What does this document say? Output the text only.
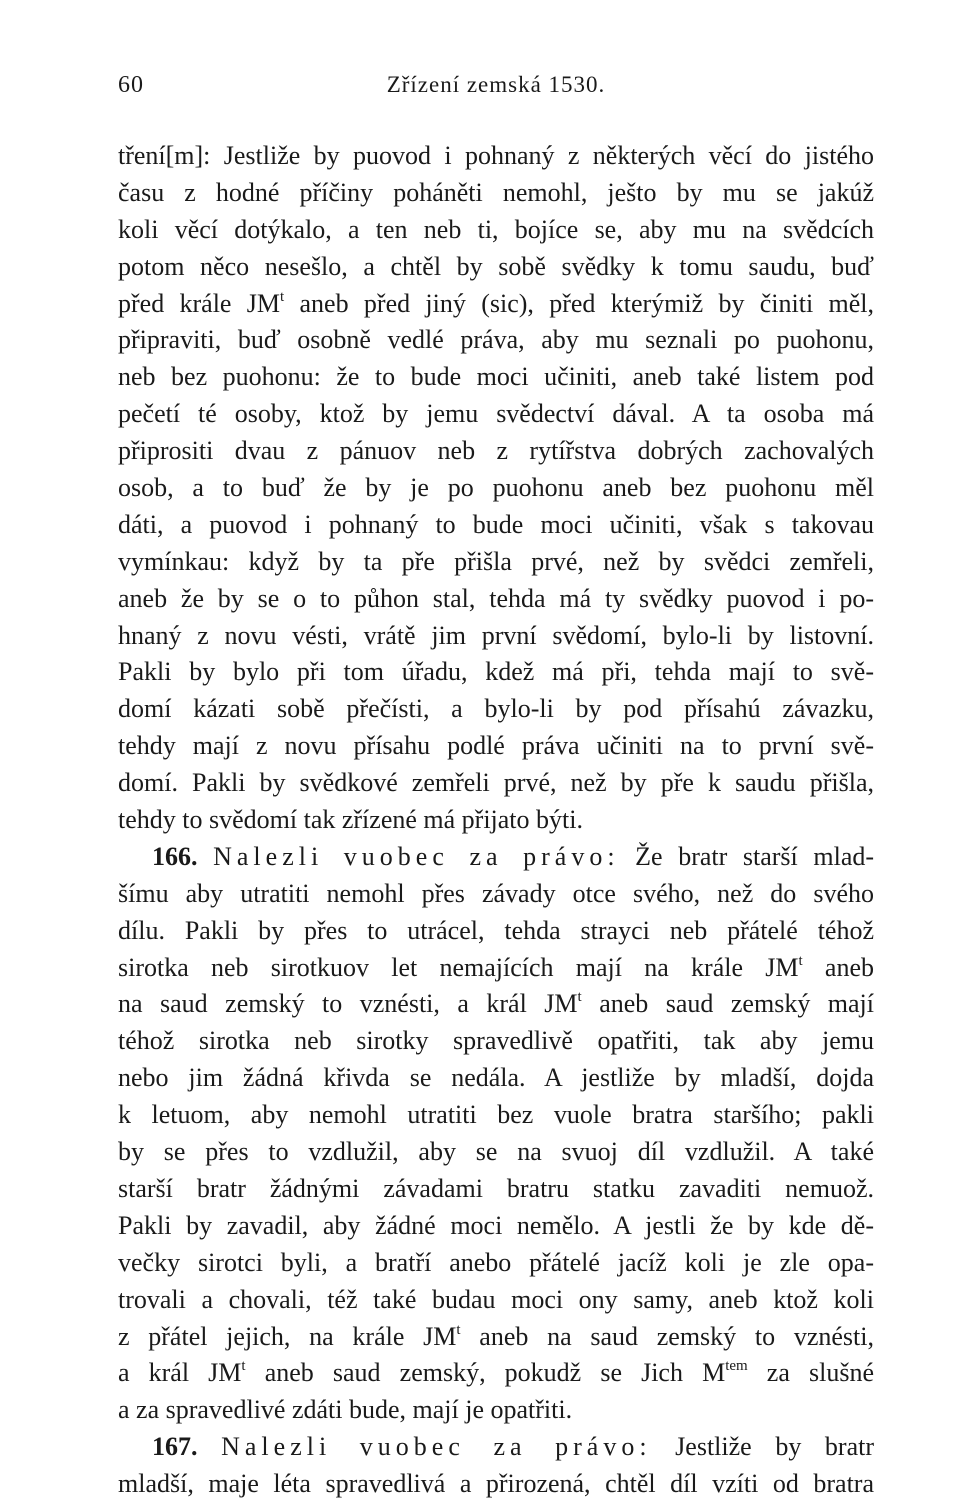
60	Zřízení zemská 1530.
tření[m]: Jestliže by puovod i pohnaný z některých věcí do jistého
času z hodné příčiny poháněti nemohl, ješto by mu se jakúž
koli věcí dotýkalo, a ten neb ti, bojíce se, aby mu na svědcích
potom něco nesešlo, a chtěl by sobě svědky k tomu saudu, buď
před krále $JM^t$ aneb před jiný (sic), před kterýmiž by činiti měl,
připraviti, buď osobně vedlé práva, aby mu seznali po puohonu,
neb bez puohonu: že to bude moci učiniti, aneb také listem pod
pečetí té osoby, ktož by jemu svědectví dával. A ta osoba má
připrositi dvau z pánuov neb z rytířstva dobrých zachovalých
osob, a to buď že by je po puohonu aneb bez puohonu měl
dáti, a puovod i pohnaný to bude moci učiniti, však s takovau
vymínkau: když by ta pře přišla prvé, než by svědci zemřeli,
aneb že by se o to půhon stal, tehda má ty svědky puovod i po-
hnaný z novu vésti, vrátě jim první svědomí, bylo-li by listovní.
Pakli by bylo při tom úřadu, kdež má při, tehda mají to svě-
domí kázati sobě přečísti, a bylo-li by pod přísahú závazku,
tehdy mají z novu přísahu podlé práva učiniti na to první svě-
domí. Pakli by svědkové zemřeli prvé, než by pře k saudu přišla,
tehdy to svědomí tak zřízené má přijato býti.
166. Nalezli vuobec za právo: Že bratr starší mlad-
šímu aby utratiti nemohl přes závady otce svého, než do svého
dílu. Pakli by přes to utrácel, tehda strayci neb přátelé téhož
sirotka neb sirotkuov let nemajících mají na krále $JM^t$ aneb
na saud zemský to vznésti, a král $JM^t$ aneb saud zemský mají
téhož sirotka neb sirotky spravedlivě opatřiti, tak aby jemu
nebo jim žádná křivda se nedála. A jestliže by mladší, dojda
k letuom, aby nemohl utratiti bez vuole bratra staršího; pakli
by se přes to vzdlužil, aby se na svuoj díl vzdlužil. A také
starší bratr žádnými závadami bratru statku zavaditi nemuož.
Pakli by zavadil, aby žádné moci nemělo. A jestli že by kde dě-
večky sirotci byli, a bratří anebo přátelé jacíž koli je zle opa-
trovali a chovali, též také budau moci ony samy, aneb ktož koli
z přátel jejich, na krále $JM^t$ aneb na saud zemský to vznésti,
a král $JM^t$ aneb saud zemský, pokudž se Jich $M^{tem}$ za slušné
a za spravedlivé zdáti bude, mají je opatřiti.
167. Nalezli vuobec za právo: Jestliže by bratr
mladší, maje léta spravedlivá a přirozená, chtěl díl vzíti od bratra
